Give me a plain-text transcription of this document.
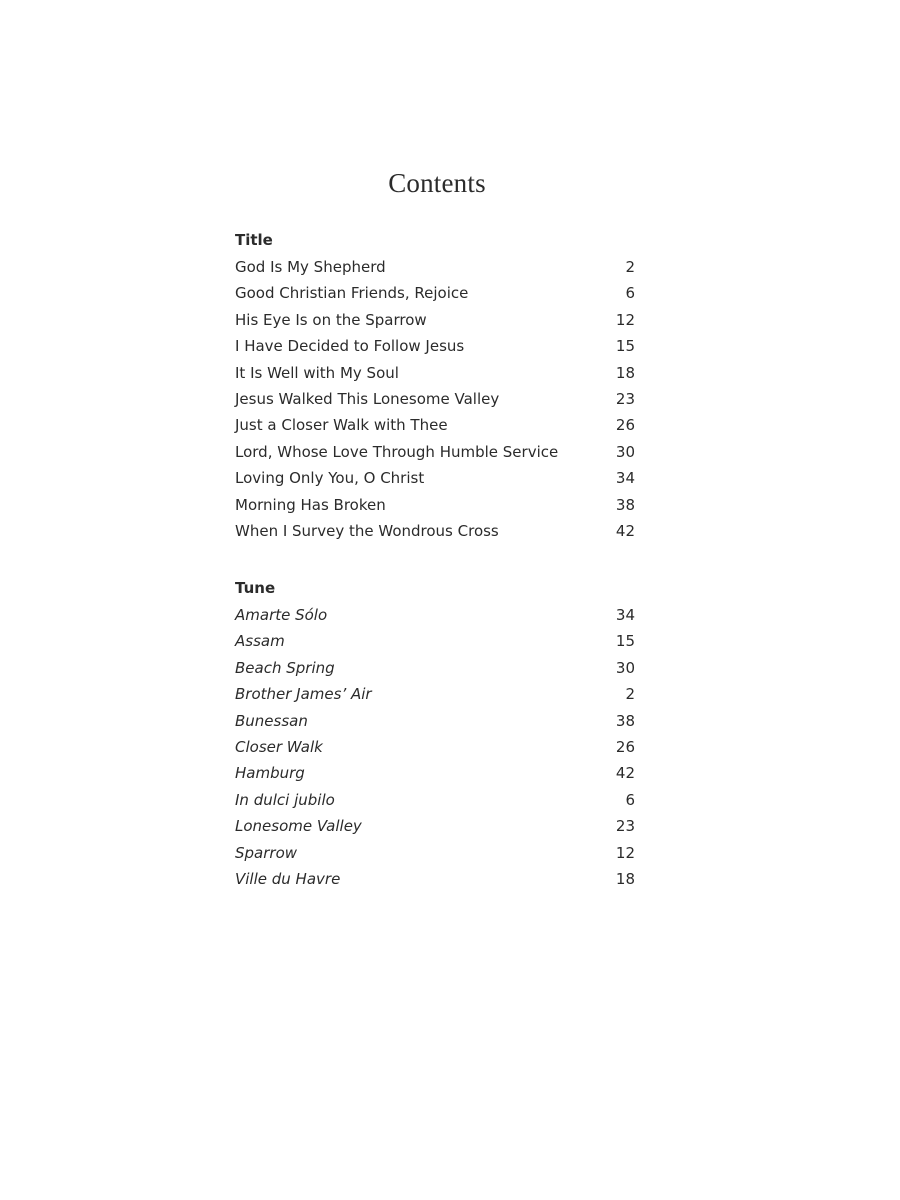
Contents
Title
God Is My Shepherd	2
Good Christian Friends, Rejoice	6
His Eye Is on the Sparrow	12
I Have Decided to Follow Jesus	15
It Is Well with My Soul	18
Jesus Walked This Lonesome Valley	23
Just a Closer Walk with Thee	26
Lord, Whose Love Through Humble Service	30
Loving Only You, O Christ	34
Morning Has Broken	38
When I Survey the Wondrous Cross	42
Tune
Amarte Sólo	34
Assam	15
Beach Spring	30
Brother James’ Air	2
Bunessan	38
Closer Walk	26
Hamburg	42
In dulci jubilo	6
Lonesome Valley	23
Sparrow	12
Ville du Havre	18
